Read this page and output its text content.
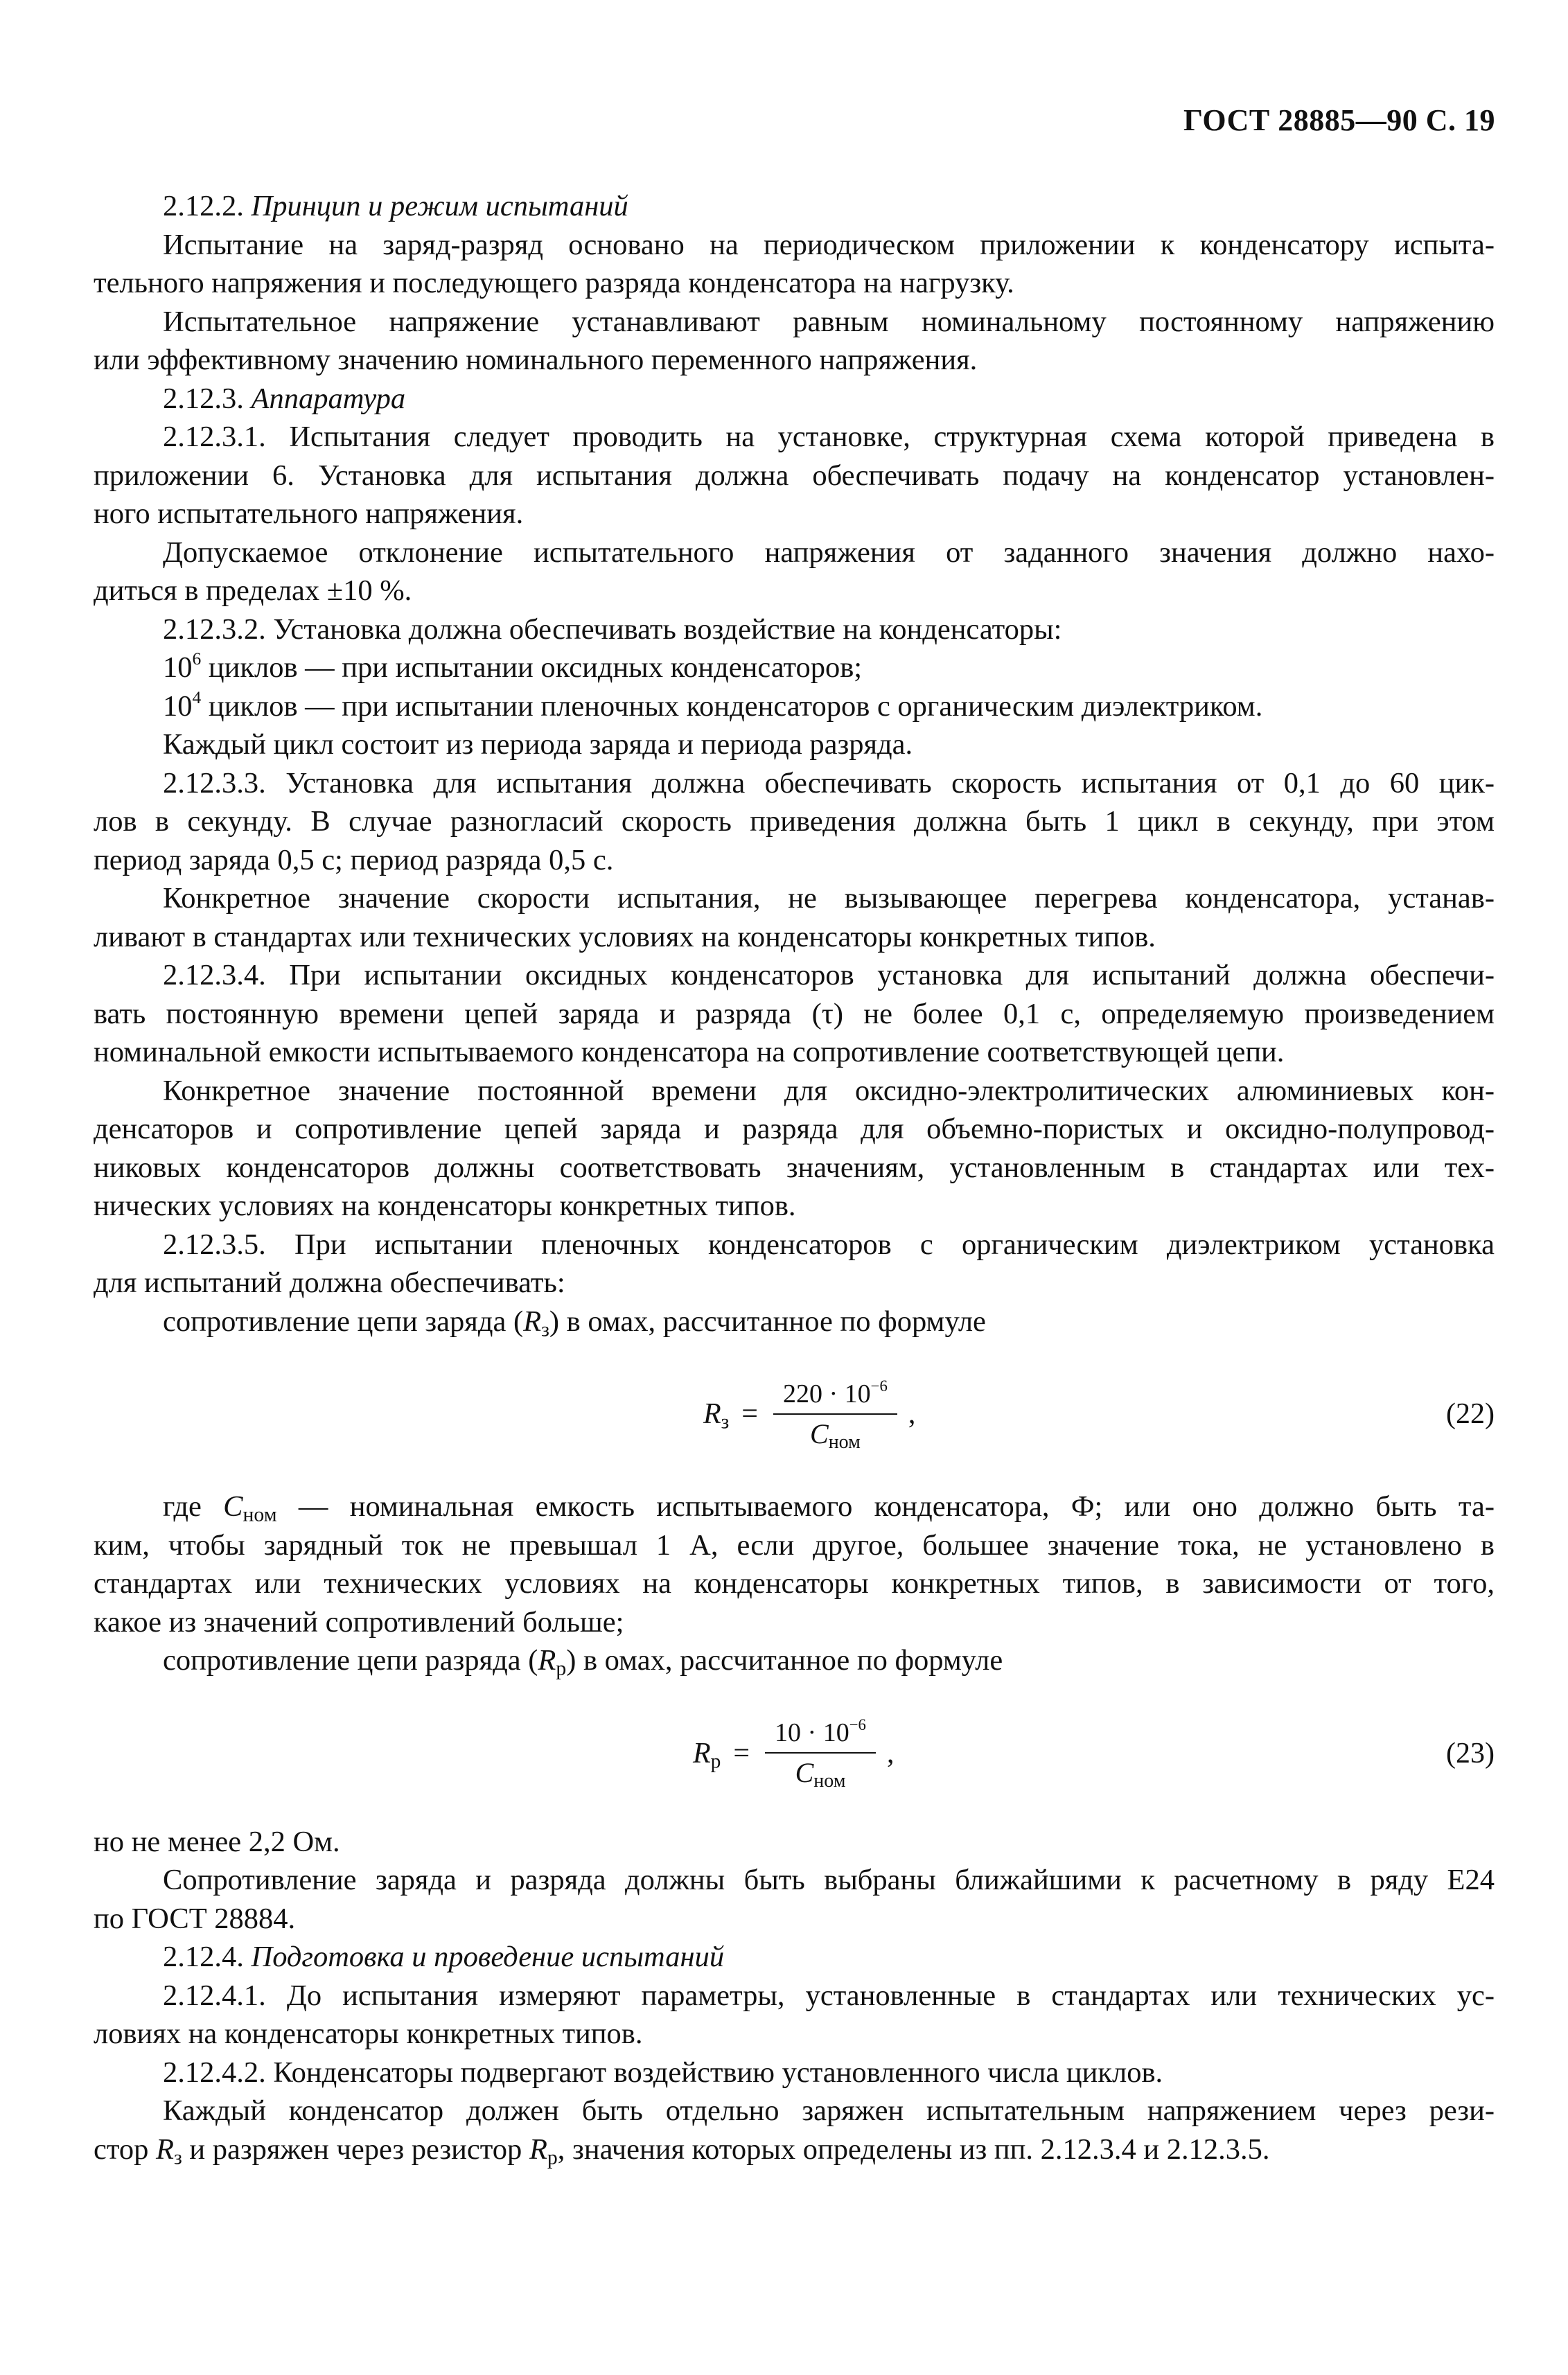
ГОСТ 28885—90 С. 19

2.12.2. Принцип и режим испытаний

Испытание на заряд-разряд основано на периодическом приложении к конденсатору испыта-
тельного напряжения и последующего разряда конденсатора на нагрузку.

Испытательное напряжение устанавливают равным номинальному постоянному напряжению
или эффективному значению номинального переменного напряжения.

2.12.3. Аппаратура

2.12.3.1. Испытания следует проводить на установке, структурная схема которой приведена в
приложении 6. Установка для испытания должна обеспечивать подачу на конденсатор установлен-
ного испытательного напряжения.

Допускаемое отклонение испытательного напряжения от заданного значения должно нахо-
диться в пределах ±10 %.

2.12.3.2. Установка должна обеспечивать воздействие на конденсаторы:

$10^6$ циклов — при испытании оксидных конденсаторов;

$10^4$ циклов — при испытании пленочных конденсаторов с органическим диэлектриком.

Каждый цикл состоит из периода заряда и периода разряда.

2.12.3.3. Установка для испытания должна обеспечивать скорость испытания от 0,1 до 60 цик-
лов в секунду. В случае разногласий скорость приведения должна быть 1 цикл в секунду, при этом
период заряда 0,5 с; период разряда 0,5 с.

Конкретное значение скорости испытания, не вызывающее перегрева конденсатора, устанав-
ливают в стандартах или технических условиях на конденсаторы конкретных типов.

2.12.3.4. При испытании оксидных конденсаторов установка для испытаний должна обеспечи-
вать постоянную времени цепей заряда и разряда (τ) не более 0,1 с, определяемую произведением
номинальной емкости испытываемого конденсатора на сопротивление соответствующей цепи.

Конкретное значение постоянной времени для оксидно-электролитических алюминиевых кон-
денсаторов и сопротивление цепей заряда и разряда для объемно-пористых и оксидно-полупровод-
никовых конденсаторов должны соответствовать значениям, установленным в стандартах или тех-
нических условиях на конденсаторы конкретных типов.

2.12.3.5. При испытании пленочных конденсаторов с органическим диэлектриком установка
для испытаний должна обеспечивать:

сопротивление цепи заряда $(R_з)$ в омах, рассчитанное по формуле

$R_з = \frac{220 \cdot 10^{-6}}{C_{ном}}$ ,	(22)

где $C_{ном}$ — номинальная емкость испытываемого конденсатора, Ф; или оно должно быть та-
ким, чтобы зарядный ток не превышал 1 А, если другое, большее значение тока, не установлено в
стандартах или технических условиях на конденсаторы конкретных типов, в зависимости от того,
какое из значений сопротивлений больше;

сопротивление цепи разряда $(R_р)$ в омах, рассчитанное по формуле

$R_р = \frac{10 \cdot 10^{-6}}{C_{ном}}$ ,	(23)

но не менее 2,2 Ом.

Сопротивление заряда и разряда должны быть выбраны ближайшими к расчетному в ряду Е24
по ГОСТ 28884.

2.12.4. Подготовка и проведение испытаний

2.12.4.1. До испытания измеряют параметры, установленные в стандартах или технических ус-
ловиях на конденсаторы конкретных типов.

2.12.4.2. Конденсаторы подвергают воздействию установленного числа циклов.

Каждый конденсатор должен быть отдельно заряжен испытательным напряжением через рези-
стор $R_з$ и разряжен через резистор $R_р$, значения которых определены из пп. 2.12.3.4 и 2.12.3.5.
